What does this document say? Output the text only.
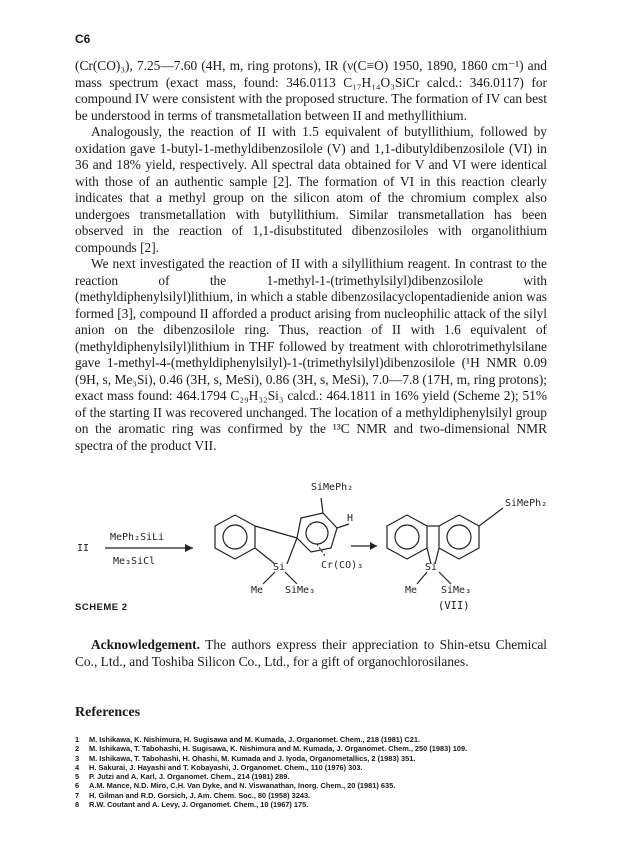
C6

(Cr(CO)₃), 7.25—7.60 (4H, m, ring protons), IR (ν(C≡O) 1950, 1890, 1860 cm⁻¹) and mass spectrum (exact mass, found: 346.0113 C₁₇H₁₄O₃SiCr calcd.: 346.0117) for compound IV were consistent with the proposed structure. The formation of IV can best be understood in terms of transmetallation between II and methyllithium.

Analogously, the reaction of II with 1.5 equivalent of butyllithium, followed by oxidation gave 1-butyl-1-methyldibenzosilole (V) and 1,1-dibutyldibenzosilole (VI) in 36 and 18% yield, respectively. All spectral data obtained for V and VI were identical with those of an authentic sample [2]. The formation of VI in this reaction clearly indicates that a methyl group on the silicon atom of the chromium complex also undergoes transmetallation with butyllithium. Similar transmetallation has been observed in the reaction of 1,1-disubstituted dibenzosiloles with organolithium compounds [2].

We next investigated the reaction of II with a silyllithium reagent. In contrast to the reaction of the 1-methyl-1-(trimethylsilyl)dibenzosilole with (methyldiphenylsilyl)lithium, in which a stable dibenzosilacyclopentadienide anion was formed [3], compound II afforded a product arising from nucleophilic attack of the silyl anion on the dibenzosilole ring. Thus, reaction of II with 1.6 equivalent of (methyldiphenylsilyl)lithium in THF followed by treatment with chlorotrimethylsilane gave 1-methyl-4-(methyldiphenylsilyl)-1-(trimethylsilyl)dibenzosilole (¹H NMR 0.09 (9H, s, Me₃Si), 0.46 (3H, s, MeSi), 0.86 (3H, s, MeSi), 7.0—7.8 (17H, m, ring protons); exact mass found: 464.1794 C₂₉H₃₂Si₃ calcd.: 464.1811 in 16% yield (Scheme 2); 51% of the starting II was recovered unchanged. The location of a methyldiphenylsilyl group on the aromatic ring was confirmed by the ¹³C NMR and two-dimensional NMR spectra of the product VII.

II
MePh₂SiLi
Me₃SiCl
SiMePh₂
H
Si
Me SiMe₃
Cr(CO)₃
SiMePh₂
Si
Me SiMe₃
SCHEME 2	(VII)
Acknowledgement. The authors express their appreciation to Shin-etsu Chemical Co., Ltd., and Toshiba Silicon Co., Ltd., for a gift of organochlorosilanes.
References
1	M. Ishikawa, K. Nishimura, H. Sugisawa and M. Kumada, J. Organomet. Chem., 218 (1981) C21.
2	M. Ishikawa, T. Tabohashi, H. Sugisawa, K. Nishimura and M. Kumada, J. Organomet. Chem., 250 (1983) 109.
3	M. Ishikawa, T. Tabohashi, H. Ohashi, M. Kumada and J. Iyoda, Organometallics, 2 (1983) 351.
4	H. Sakurai, J. Hayashi and T. Kobayashi, J. Organomet. Chem., 110 (1976) 303.
5	P. Jutzi and A. Karl, J. Organomet. Chem., 214 (1981) 289.
6	A.M. Mance, N.D. Miro, C.H. Van Dyke, and N. Viswanathan, Inorg. Chem., 20 (1981) 635.
7	H. Gilman and R.D. Gorsich, J. Am. Chem. Soc., 80 (1958) 3243.
8	R.W. Coutant and A. Levy, J. Organomet. Chem., 10 (1967) 175.
